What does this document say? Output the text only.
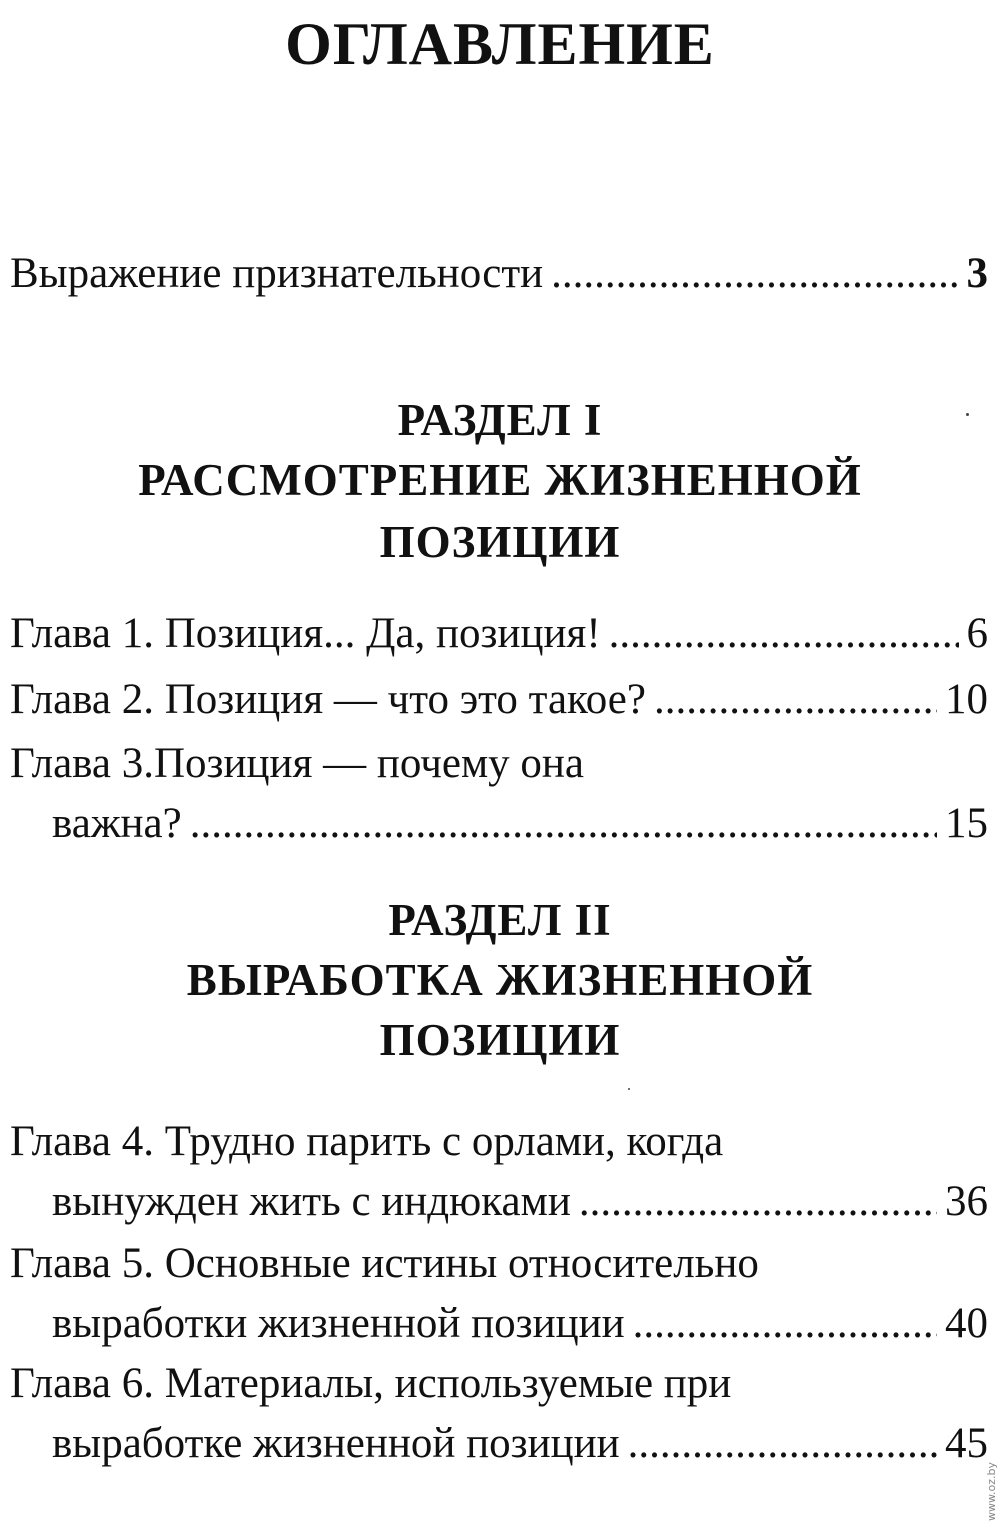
ОГЛАВЛЕНИЕ
Выражение признательности .....	3
РАЗДЕЛ I
РАССМОТРЕНИЕ ЖИЗНЕННОЙ
ПОЗИЦИИ
Глава 1. Позиция... Да, позиция! .....	6
Глава 2. Позиция — что это такое? .....	10
Глава 3.Позиция — почему она
важна? .....	15
РАЗДЕЛ II
ВЫРАБОТКА ЖИЗНЕННОЙ
ПОЗИЦИИ
Глава 4. Трудно парить с орлами, когда
вынужден жить с индюками .....	36
Глава 5. Основные истины относительно
выработки жизненной позиции .....	40
Глава 6. Материалы, используемые при
выработке жизненной позиции .....	45
www.oz.by
